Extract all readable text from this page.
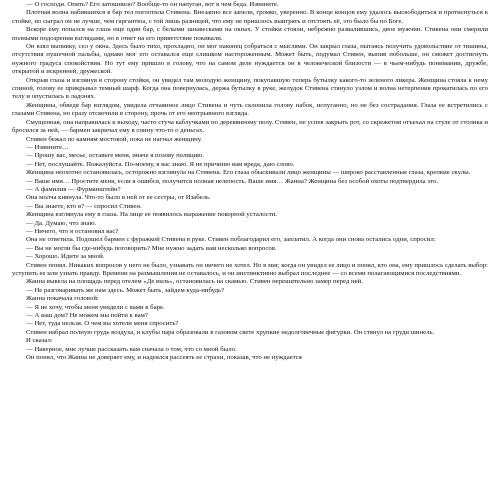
— О господи. Опять? Его затошнило? Вообще-то он напуган, вот в чем беда. Извините.

Плотная волна набившихся в бар тел поглотила Стивена. Внезапно все запели, громко, уверенно. В конце концов ему удалось высвободиться и протиснуться к стойке, но сыграл он не лучше, чем гаргантюа, с той лишь разницей, что ему не пришлось выиграть и отстоять её, это было бы по Боге.

Вскоре ему попался на глаза еще один бар, с белыми занавесками на окнах. У стойки стояли, небрежно развалившись, двое мужчин. Стивена они смерили полными подозрения взглядами, но в ответ на его приветствие покивали.

Он взял выпивку, сел у окна. Здесь было тихо, прохладно, он мог наконец собраться с мыслями. Он закрыл глаза, пытаясь получить удовольствие от тишины, отсутствия пушечной пальбы, однако мог его оставался еще слишком настороженным. Может быть, подумал Стивен, выпив побольше, он сможет достигнуть нужного градуса спокойствия. Но тут ему пришло в голову, что на самом деле нуждается он в человеческой близости — в чьем-нибудь понимании, дружбе, открытой и искренней, дружеской.

Открыв глаза и взглянув в сторону стойки, он увидел там молодую женщину, покупавшую теперь бутылку какого-то зеленого ликера. Женщина стояла к нему спиной, голову ее прикрывал темный шарф. Когда она повернулась, держа бутылку в руке, желудок Стивена стянуло узлом и волна нетерпения прокатилась по его телу и опустилась в ладонях.

Женщины, обведя бар взглядом, увидела отчаянное лицо Стивена и чуть склонила голову набок, испуганно, но не без сострадания. Глаза ее встретились с глазами Стивена, но сразу отскочили в сторону, прочь от его неотрывного взгляда.

Смущенная, она направилась к выходу, часто стуча каблучками по деревянному полу. Стивен, не успев закрыть рот, со скрежетом отъехал на стуле от столика и бросился за ней, — бармен закричал ему в спину что-то о деньгах.

Стивен бежал по камням мостовой, пока не нагнал женщину.

— Извините…

— Прошу вас, месье, оставьте меня, иначе я позову полицию.

— Нет, послушайте. Пожалуйста. По-моему, я вас знаю. Я не причиню вам вреда, даю слово.

Женщина неохотно остановилась, осторожно взглянула на Стивена. Его глаза обыскивали лицо женщины — широко расставленные глаза, крепкие скулы.

— Ваше имя… Простите меня, если я ошибся, получится полная нелепость. Ваше имя… Жанна? Женщина без особой охоты подтвердила это.

— А фамилия — Фурманштейн?

Она молча кивнула. Что-то было в ней от ее сестры, от Изабель.

— Вы знаете, кто я? — спросил Стивен.

Женщина взглянула ему в глаза. На лице ее появилось выражение покорной усталости.

— Да. Думаю, что знаю.

— Ничего, что я остановил вас?

Она не ответила. Подошел бармен с фуражкой Стивена в руке. Стивен поблагодарил его, заплатил. А когда они снова остались одни, спросил:

— Вы не могли бы где-нибудь поговорить? Мне нужно задать вам несколько вопросов.

— Хорошо. Идите за мной.

Стивен понял. Никаких вопросов у него не было, узнавать он ничего не хотел. Но в миг, когда он увидел ее лицо и понял, кто она, ему пришлось сделать выбор: уступить ее или узнать правду. Времени на размышления не оставалось, и он инстинктивно выбрал последнее — со всеми полагающимися последствиями.

Жанна вывела на площадь перед отелем «Де виль», остановилась на скамью. Стивен нерешительно замер перед ней.

— Не разговаривать же нам здесь. Может быть, зайдем куда-нибудь?

Жанна покачала головой:

— Я не хочу, чтобы меня увидели с вами в баре.

— А ваш дом? Не можем мы пойти к вам?

— Нет, туда нельзя. О чем вы хотели меня спросить?

Стивен набрал полную грудь воздуха, и клубы пара образовали в газовом свете хрупкие недолговечные фигурки. Он стянул на груди шинель.

И сказал:

— Наверное, мне лучше рассказать вам сначала о том, что со мной было.

Он понял, что Жанна не доверяет ему, и надеялся рассеять ее страхи, показав, что не нуждается
